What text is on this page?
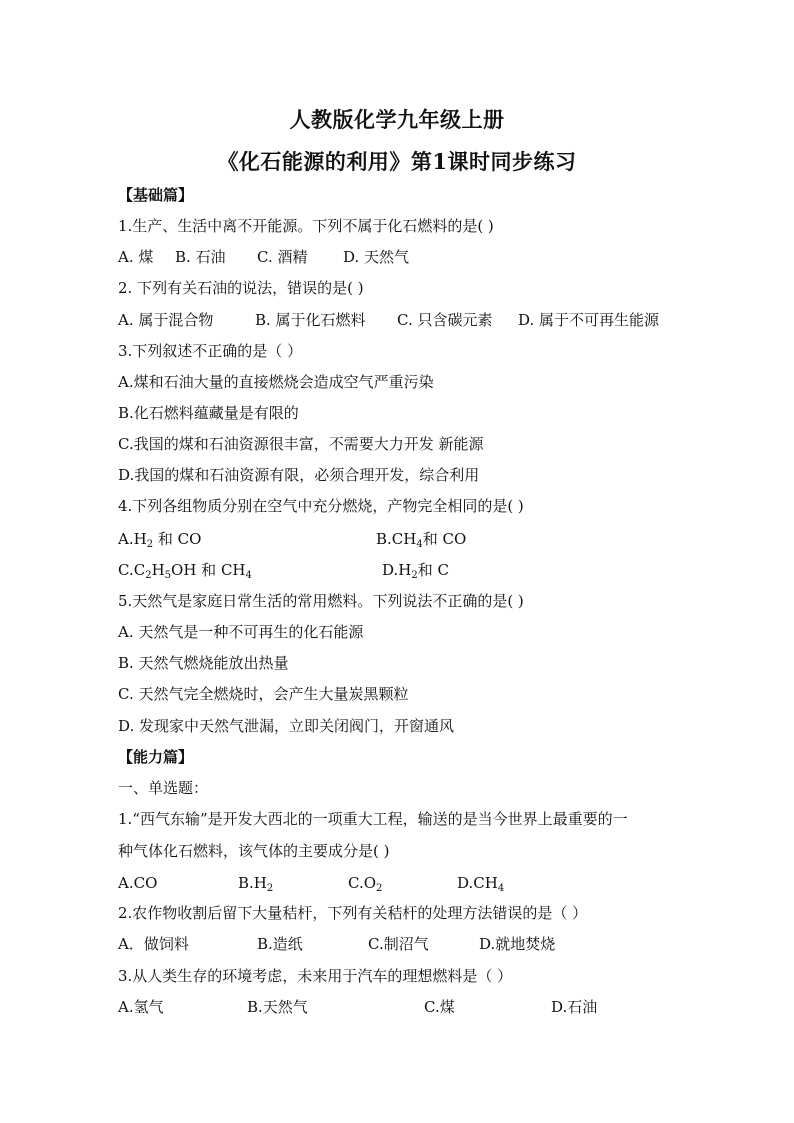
人教版化学九年级上册
《化石能源的利用》第1课时同步练习
【基础篇】
1.生产、生活中离不开能源。下列不属于化石燃料的是( )
A. 煤 B. 石油 C. 酒精 D. 天然气
2. 下列有关石油的说法，错误的是( )
A. 属于混合物	B. 属于化石燃料 C. 只含碳元素 D. 属于不可再生能源
3.下列叙述不正确的是（ ）
A.煤和石油大量的直接燃烧会造成空气严重污染
B.化石燃料蕴藏量是有限的
C.我国的煤和石油资源很丰富，不需要大力开发 新能源
D.我国的煤和石油资源有限，必须合理开发，综合利用
4.下列各组物质分别在空气中充分燃烧，产物完全相同的是( )
$A.H_2$ 和 CO	$B.CH_4$和 CO
$C.C_2H_5OH$ 和 $CH_4$	$D.H_2$和 C
5.天然气是家庭日常生活的常用燃料。下列说法不正确的是( )
A. 天然气是一种不可再生的化石能源
B. 天然气燃烧能放出热量
C. 天然气完全燃烧时，会产生大量炭黑颗粒
D. 发现家中天然气泄漏，立即关闭阀门，开窗通风
【能力篇】
一、单选题：
1.“西气东输”是开发大西北的一项重大工程，输送的是当今世界上最重要的一
种气体化石燃料，该气体的主要成分是( )
A.CO	$B.H_2$	$C.O_2$	$D.CH_4$
2.农作物收割后留下大量秸杆，下列有关秸杆的处理方法错误的是（ ）
A．做饲料	B.造纸	C.制沼气	D.就地焚烧
3.从人类生存的环境考虑，未来用于汽车的理想燃料是（ ）
A.氢气	B.天然气	C.煤	D.石油
